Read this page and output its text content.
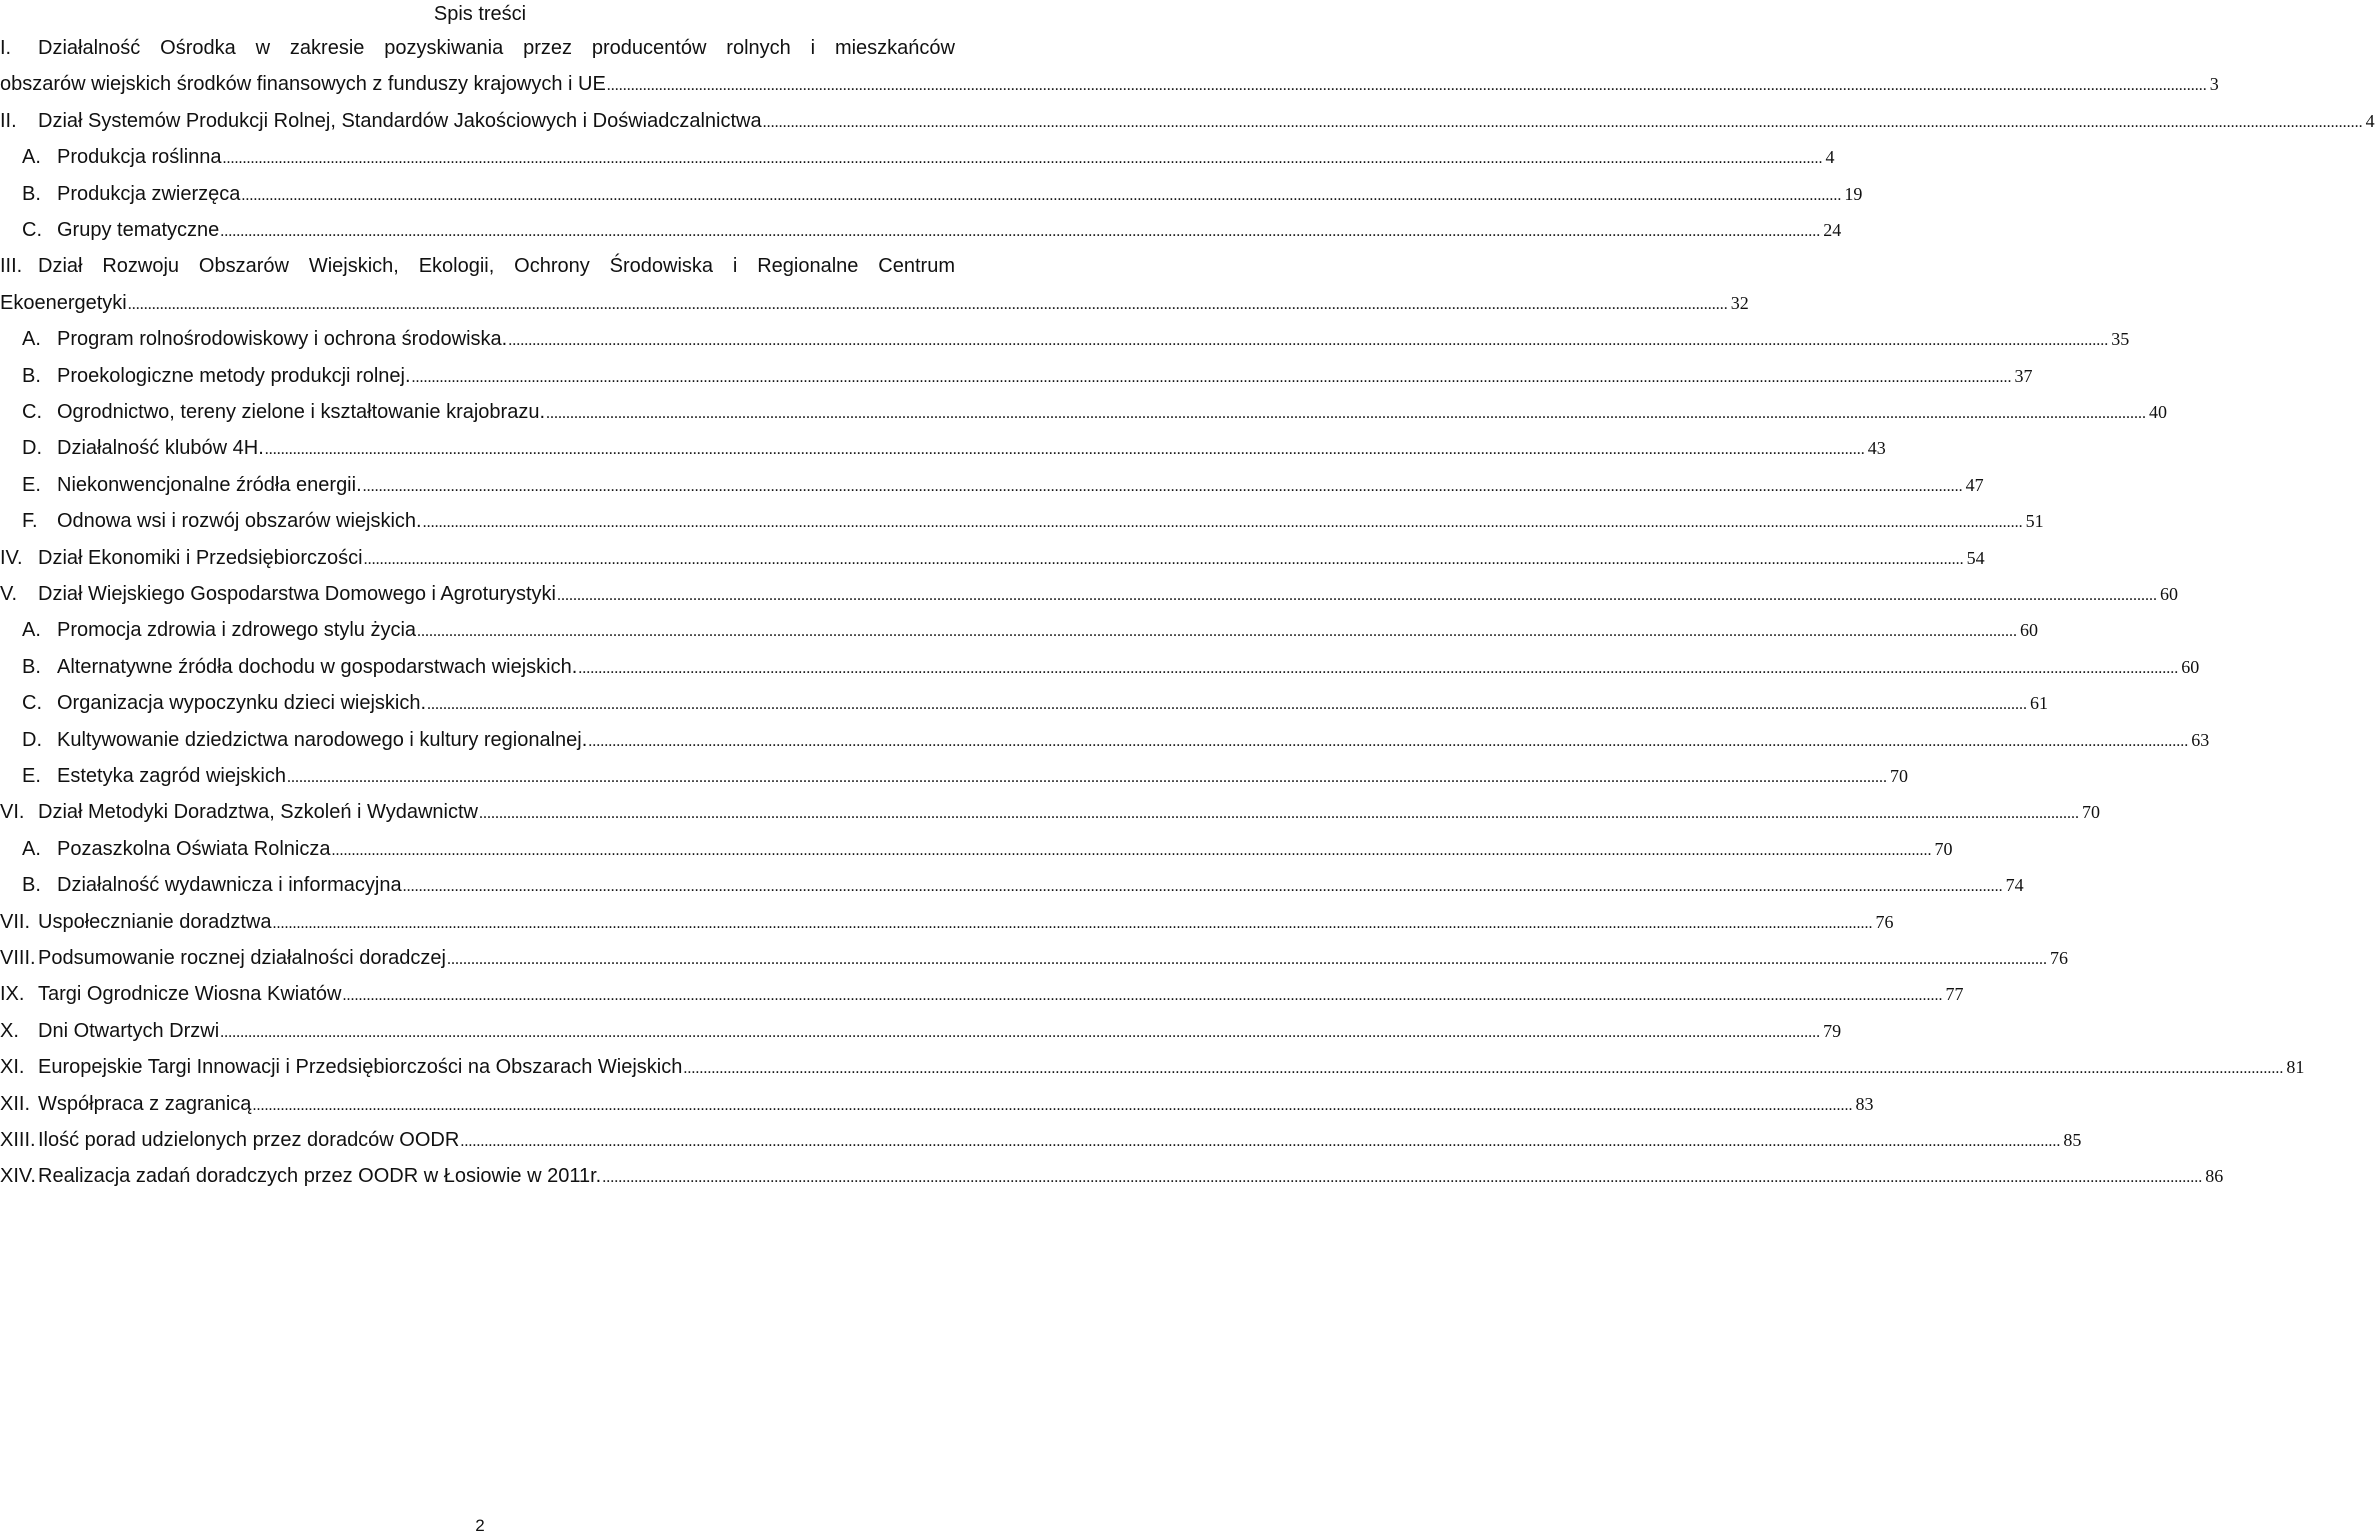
Spis treści
I.	Działalność Ośrodka w zakresie pozyskiwania przez producentów rolnych i mieszkańców
obszarów wiejskich środków finansowych z funduszy krajowych i UE ................................................................................................................................................................................................................................................................................................................................................................................................................ 3
II.	Dział Systemów Produkcji Rolnej, Standardów Jakościowych i Doświadczalnictwa ................................................................................................................................................................................................................................................................................................................................................................................................................ 4
A. Produkcja roślinna ................................................................................................................................................................................................................................................................................................................................................................................................................ 4
B. Produkcja zwierzęca ................................................................................................................................................................................................................................................................................................................................................................................................................ 19
C. Grupy tematyczne ................................................................................................................................................................................................................................................................................................................................................................................................................ 24
III. Dział Rozwoju Obszarów Wiejskich, Ekologii, Ochrony Środowiska i Regionalne Centrum
Ekoenergetyki ................................................................................................................................................................................................................................................................................................................................................................................................................ 32
A. Program rolnośrodowiskowy i ochrona środowiska. ................................................................................................................................................................................................................................................................................................................................................................................................................ 35
B. Proekologiczne metody produkcji rolnej. ................................................................................................................................................................................................................................................................................................................................................................................................................ 37
C. Ogrodnictwo, tereny zielone i kształtowanie krajobrazu. ................................................................................................................................................................................................................................................................................................................................................................................................................ 40
D. Działalność klubów 4H. ................................................................................................................................................................................................................................................................................................................................................................................................................ 43
E. Niekonwencjonalne źródła energii. ................................................................................................................................................................................................................................................................................................................................................................................................................ 47
F. Odnowa wsi i rozwój obszarów wiejskich. ................................................................................................................................................................................................................................................................................................................................................................................................................ 51
IV. Dział Ekonomiki i Przedsiębiorczości ................................................................................................................................................................................................................................................................................................................................................................................................................ 54
V.	Dział Wiejskiego Gospodarstwa Domowego i Agroturystyki ................................................................................................................................................................................................................................................................................................................................................................................................................ 60
A. Promocja zdrowia i zdrowego stylu życia ................................................................................................................................................................................................................................................................................................................................................................................................................ 60
B. Alternatywne źródła dochodu w gospodarstwach wiejskich. ................................................................................................................................................................................................................................................................................................................................................................................................................ 60
C. Organizacja wypoczynku dzieci wiejskich. ................................................................................................................................................................................................................................................................................................................................................................................................................ 61
D. Kultywowanie dziedzictwa narodowego i kultury regionalnej. ................................................................................................................................................................................................................................................................................................................................................................................................................ 63
E. Estetyka zagród wiejskich ................................................................................................................................................................................................................................................................................................................................................................................................................ 70
VI. Dział Metodyki Doradztwa, Szkoleń i Wydawnictw ................................................................................................................................................................................................................................................................................................................................................................................................................ 70
A. Pozaszkolna Oświata Rolnicza ................................................................................................................................................................................................................................................................................................................................................................................................................ 70
B. Działalność wydawnicza i informacyjna ................................................................................................................................................................................................................................................................................................................................................................................................................ 74
VII. Uspołecznianie doradztwa ................................................................................................................................................................................................................................................................................................................................................................................................................ 76
VIII. Podsumowanie rocznej działalności doradczej ................................................................................................................................................................................................................................................................................................................................................................................................................ 76
IX. Targi Ogrodnicze Wiosna Kwiatów ................................................................................................................................................................................................................................................................................................................................................................................................................ 77
X. Dni Otwartych Drzwi ................................................................................................................................................................................................................................................................................................................................................................................................................ 79
XI. Europejskie Targi Innowacji i Przedsiębiorczości na Obszarach Wiejskich ................................................................................................................................................................................................................................................................................................................................................................................................................ 81
XII. Współpraca z zagranicą ................................................................................................................................................................................................................................................................................................................................................................................................................ 83
XIII. Ilość porad udzielonych przez doradców OODR ................................................................................................................................................................................................................................................................................................................................................................................................................ 85
XIV. Realizacja zadań doradczych przez OODR w Łosiowie w 2011r. ................................................................................................................................................................................................................................................................................................................................................................................................................ 86
2
